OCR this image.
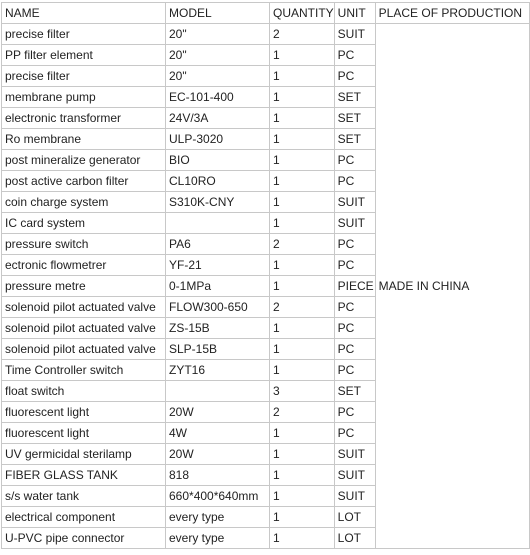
NAME	MODEL	QUANTITY	UNIT	PLACE OF PRODUCTION
precise filter	20"	2	SUIT	MADE IN CHINA
PP filter element	20"	1	PC	
precise filter	20"	1	PC	
membrane pump	EC-101-400	1	SET	
electronic transformer	24V/3A	1	SET	
Ro membrane	ULP-3020	1	SET	
post mineralize generator	BIO	1	PC	
post active carbon filter	CL10RO	1	PC	
coin charge system	S310K-CNY	1	SUIT	
IC card system		1	SUIT	
pressure switch	PA6	2	PC	
ectronic flowmetrer	YF-21	1	PC	
pressure metre	0-1MPa	1	PIECE	
solenoid pilot actuated valve	FLOW300-650	2	PC	
solenoid pilot actuated valve	ZS-15B	1	PC	
solenoid pilot actuated valve	SLP-15B	1	PC	
Time Controller switch	ZYT16	1	PC	
float switch		3	SET	
fluorescent light	20W	2	PC	
fluorescent light	4W	1	PC	
UV germicidal sterilamp	20W	1	SUIT	
FIBER GLASS TANK	818	1	SUIT	
s/s water tank	660*400*640mm	1	SUIT	
electrical component	every type	1	LOT	
U-PVC pipe connector	every type	1	LOT	
